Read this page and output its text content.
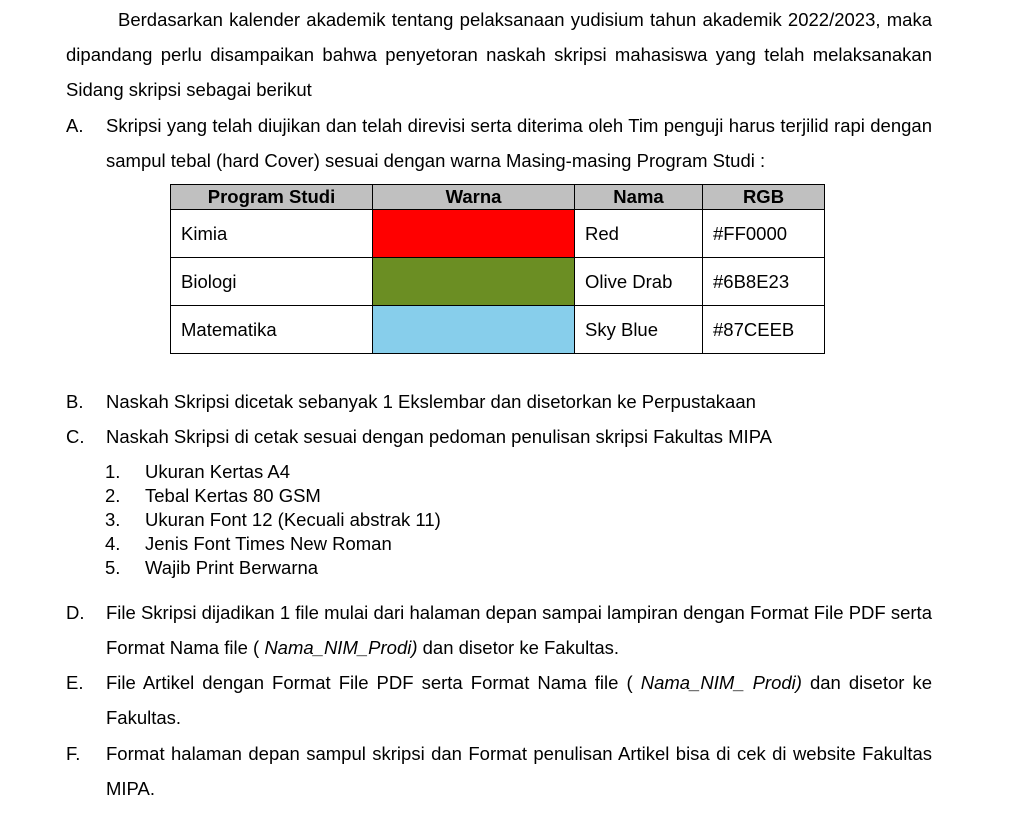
Berdasarkan kalender akademik tentang pelaksanaan yudisium tahun akademik 2022/2023, maka dipandang perlu disampaikan bahwa penyetoran naskah skripsi mahasiswa yang telah melaksanakan Sidang skripsi sebagai berikut
A. Skripsi yang telah diujikan dan telah direvisi serta diterima oleh Tim penguji harus terjilid rapi dengan sampul tebal (hard Cover) sesuai dengan warna Masing-masing Program Studi :
Program Studi	Warna	Nama	RGB
Kimia		Red	#FF0000
Biologi		Olive Drab	#6B8E23
Matematika		Sky Blue	#87CEEB
B. Naskah Skripsi dicetak sebanyak 1 Ekslembar dan disetorkan ke Perpustakaan
C. Naskah Skripsi di cetak sesuai dengan pedoman penulisan skripsi Fakultas MIPA
1. Ukuran Kertas A4
2. Tebal Kertas 80 GSM
3. Ukuran Font 12 (Kecuali abstrak 11)
4. Jenis Font Times New Roman
5. Wajib Print Berwarna
D. File Skripsi dijadikan 1 file mulai dari halaman depan sampai lampiran dengan Format File PDF serta Format Nama file ( Nama_NIM_Prodi) dan disetor ke Fakultas.
E. File Artikel dengan Format File PDF serta Format Nama file ( Nama_NIM_ Prodi) dan disetor ke Fakultas.
F. Format halaman depan sampul skripsi dan Format penulisan Artikel bisa di cek di website Fakultas MIPA.
